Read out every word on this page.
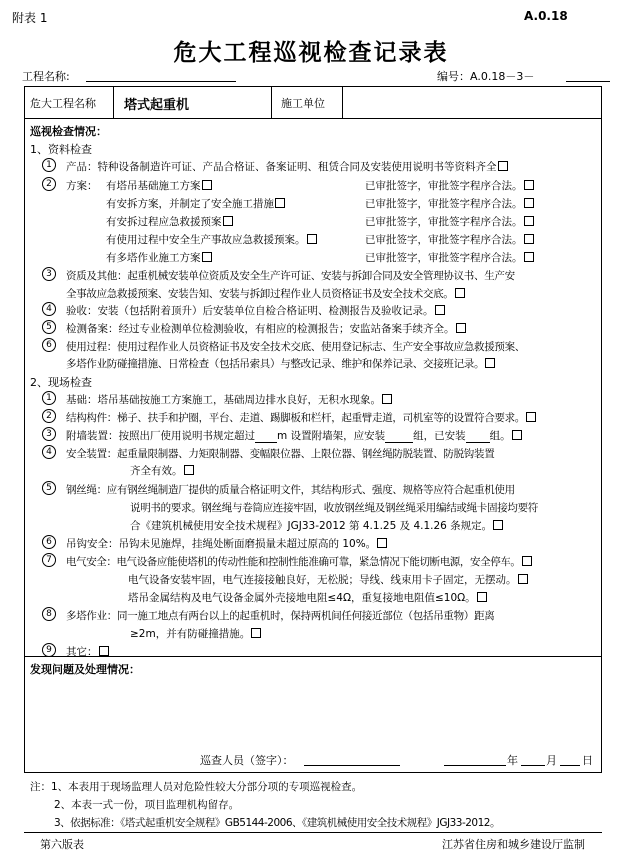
附表 1	A.0.18
危大工程巡视检查记录表
工程名称:	编号：A.0.18－3－
危大工程名称 塔式起重机	施工单位
巡视检查情况：
1、资料检查
1	产品：特种设备制造许可证、产品合格证、备案证明、租赁合同及安装使用说明书等资料齐全
2	方案： 有塔吊基础施工方案	已审批签字，审批签字程序合法。
有安拆方案，并制定了安全施工措施	已审批签字，审批签字程序合法。
有安拆过程应急救援预案	已审批签字，审批签字程序合法。
有使用过程中安全生产事故应急救援预案。	已审批签字，审批签字程序合法。
有多塔作业施工方案	已审批签字，审批签字程序合法。
3	资质及其他：起重机械安装单位资质及安全生产许可证、安装与拆卸合同及安全管理协议书、生产安
全事故应急救援预案、安装告知、安装与拆卸过程作业人员资格证书及安全技术交底。
4	验收：安装（包括附着顶升）后安装单位自检合格证明、检测报告及验收记录。
5	检测备案：经过专业检测单位检测验收，有相应的检测报告；安监站备案手续齐全。
6	使用过程：使用过程作业人员资格证书及安全技术交底、使用登记标志、生产安全事故应急救援预案、
多塔作业防碰撞措施、日常检查（包括吊索具）与整改记录、维护和保养记录、交接班记录。
2、现场检查
1	基础：塔吊基础按施工方案施工，基础周边排水良好，无积水现象。
2	结构构件：梯子、扶手和护圈，平台、走道、踢脚板和栏杆，起重臂走道，司机室等的设置符合要求。
3	附墙装置：按照出厂使用说明书规定超过 m 设置附墙架，应安装	组，已安装 组。
4	安全装置：起重量限制器、力矩限制器、变幅限位器、上限位器、钢丝绳防脱装置、防脱钩装置
齐全有效。
5	钢丝绳：应有钢丝绳制造厂提供的质量合格证明文件，其结构形式、强度、规格等应符合起重机使用
说明书的要求。钢丝绳与卷筒应连接牢固，收放钢丝绳及钢丝绳采用编结或绳卡固接均要符
合《建筑机械使用安全技术规程》JGJ33-2012 第 4.1.25 及 4.1.26 条规定。
6	吊钩安全：吊钩未见施焊，挂绳处断面磨损量未超过原高的 10%。
7	电气安全：电气设备应能使塔机的传动性能和控制性能准确可靠，紧急情况下能切断电源，安全停车。
电气设备安装牢固，电气连接接触良好，无松脱；导线、线束用卡子固定，无摆动。
塔吊金属结构及电气设备金属外壳接地电阻≤4Ω，重复接地电阻值≤10Ω。
8	多塔作业：同一施工地点有两台以上的起重机时，保持两机间任何接近部位（包括吊重物）距离
≥2m，并有防碰撞措施。
9	其它：
发现问题及处理情况：
巡查人员（签字）：	年	月 日
注：1、本表用于现场监理人员对危险性较大分部分项的专项巡视检查。
2、本表一式一份，项目监理机构留存。
3、依据标准：《塔式起重机安全规程》GB5144-2006、《建筑机械使用安全技术规程》JGJ33-2012。
第六版表	江苏省住房和城乡建设厅监制
